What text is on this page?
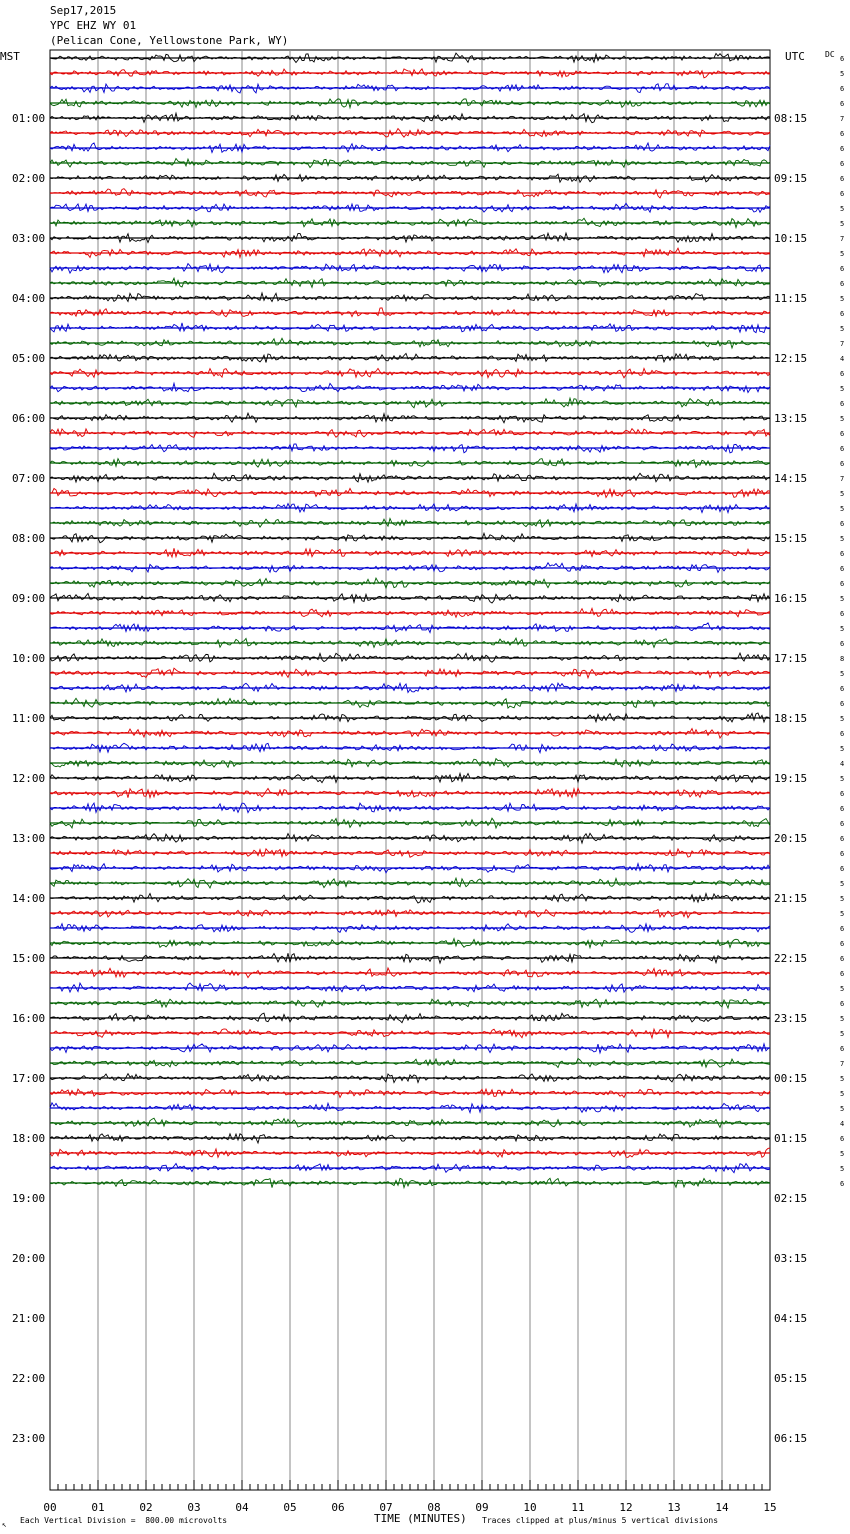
Sep17,2015
YPC EHZ WY 01
(Pelican Cone, Yellowstone Park, WY)
MST	UTC	DC 6
5
6
6
7
6
6
6
6
6
5
5
7
5
6
6
5
6
5
7
4
6
5
6
5
6
6
6
7
5
5
6
5
6
6
6
5
6
5
6
8
5
6
6
5
6
5
4
5
6
6
6
6
6
6
5
5
5
6
6
6
6
5
6
5
5
6
7
5
5
5
4
6
5
5
6
01:00
02:00
03:00
04:00
05:00
06:00
07:00
08:00
09:00
10:00
11:00
12:00
13:00
14:00
15:00
16:00
17:00
18:00
19:00
20:00
21:00
22:00
23:00
08:15
09:15
10:15
11:15
12:15
13:15
14:15
15:15
16:15
17:15
18:15
19:15
20:15
21:15
22:15
23:15
00:15
01:15
02:15
03:15
04:15
05:15
06:15
00	01	02	03	04	05	06	07	08	09	10	11	12	13	14	15
↖ Each Vertical Division =  800.00 microvolts	TIME (MINUTES) Traces clipped at plus/minus 5 vertical divisions
